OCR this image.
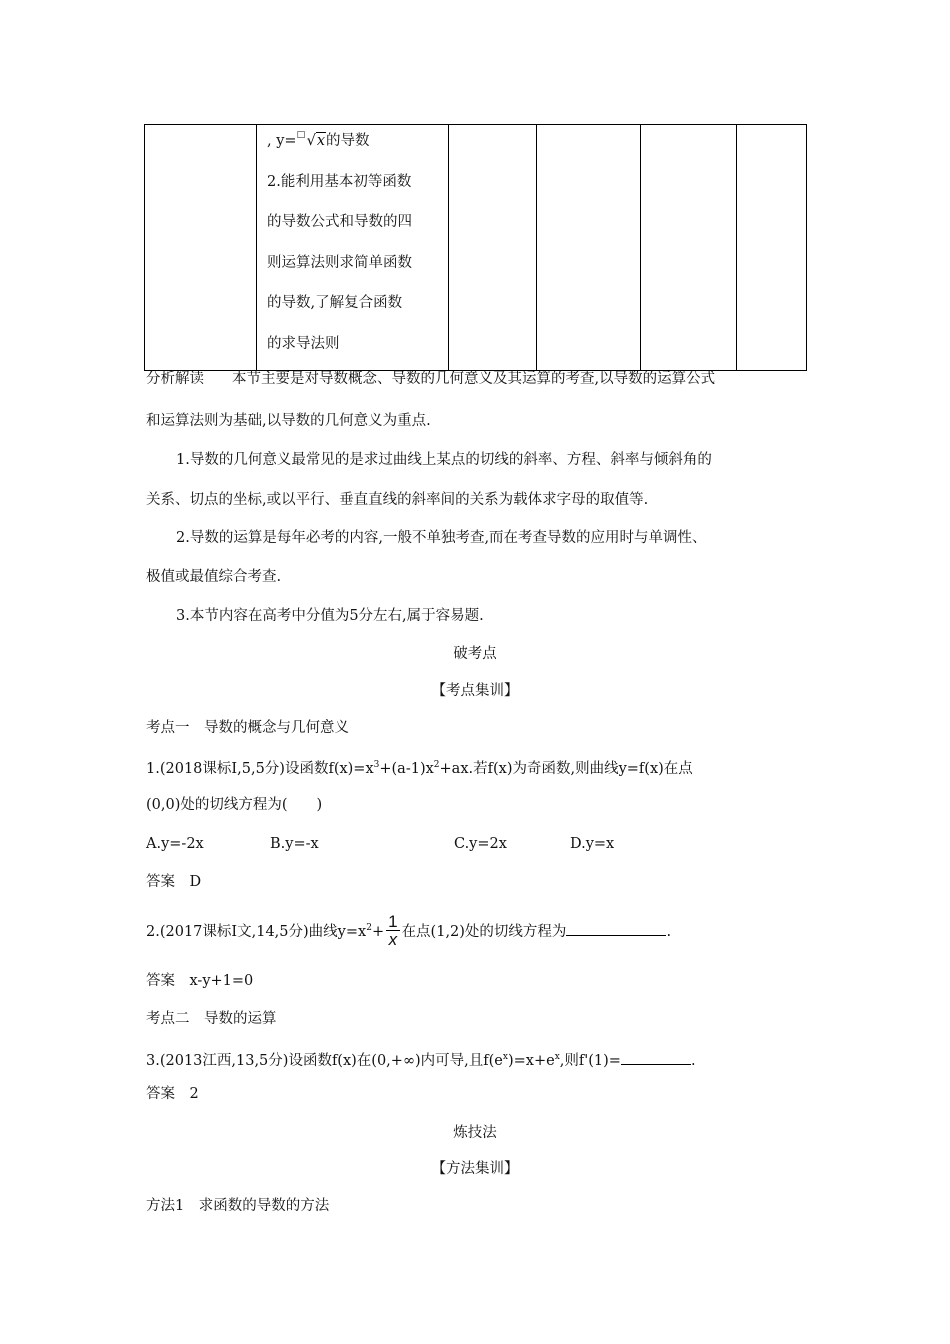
, y= □ √x的导数
2.能利用基本初等函数
的导数公式和导数的四
则运算法则求简单函数
的导数,了解复合函数
的求导法则

分析解读 本节主要是对导数概念、导数的几何意义及其运算的考查,以导数的运算公式
和运算法则为基础,以导数的几何意义为重点.
1.导数的几何意义最常见的是求过曲线上某点的切线的斜率、方程、斜率与倾斜角的
关系、切点的坐标,或以平行、垂直直线的斜率间的关系为载体求字母的取值等.
2.导数的运算是每年必考的内容,一般不单独考查,而在考查导数的应用时与单调性、
极值或最值综合考查.
3.本节内容在高考中分值为5分左右,属于容易题.
破考点
【考点集训】
考点一　导数的概念与几何意义
1.(2018课标Ⅰ,5,5分)设函数$f(x)=x^3+(a-1)x^2+ax$.若f(x)为奇函数,则曲线y=f(x)在点
(0,0)处的切线方程为(　　)
A.y=-2x	B.y=-x	C.y=2x	D.y=x
答案　D
2.(2017课标Ⅰ文,14,5分)曲线$y=x^2+ \frac{1}{x}$ 在点(1,2)处的切线方程为	.
答案　x-y+1=0
考点二　导数的运算
3.(2013江西,13,5分)设函数f(x)在(0,+∞)内可导,且$f(e^x)=x+e^x$,则f'(1)=	.
答案　2
炼技法
【方法集训】
方法1　求函数的导数的方法
